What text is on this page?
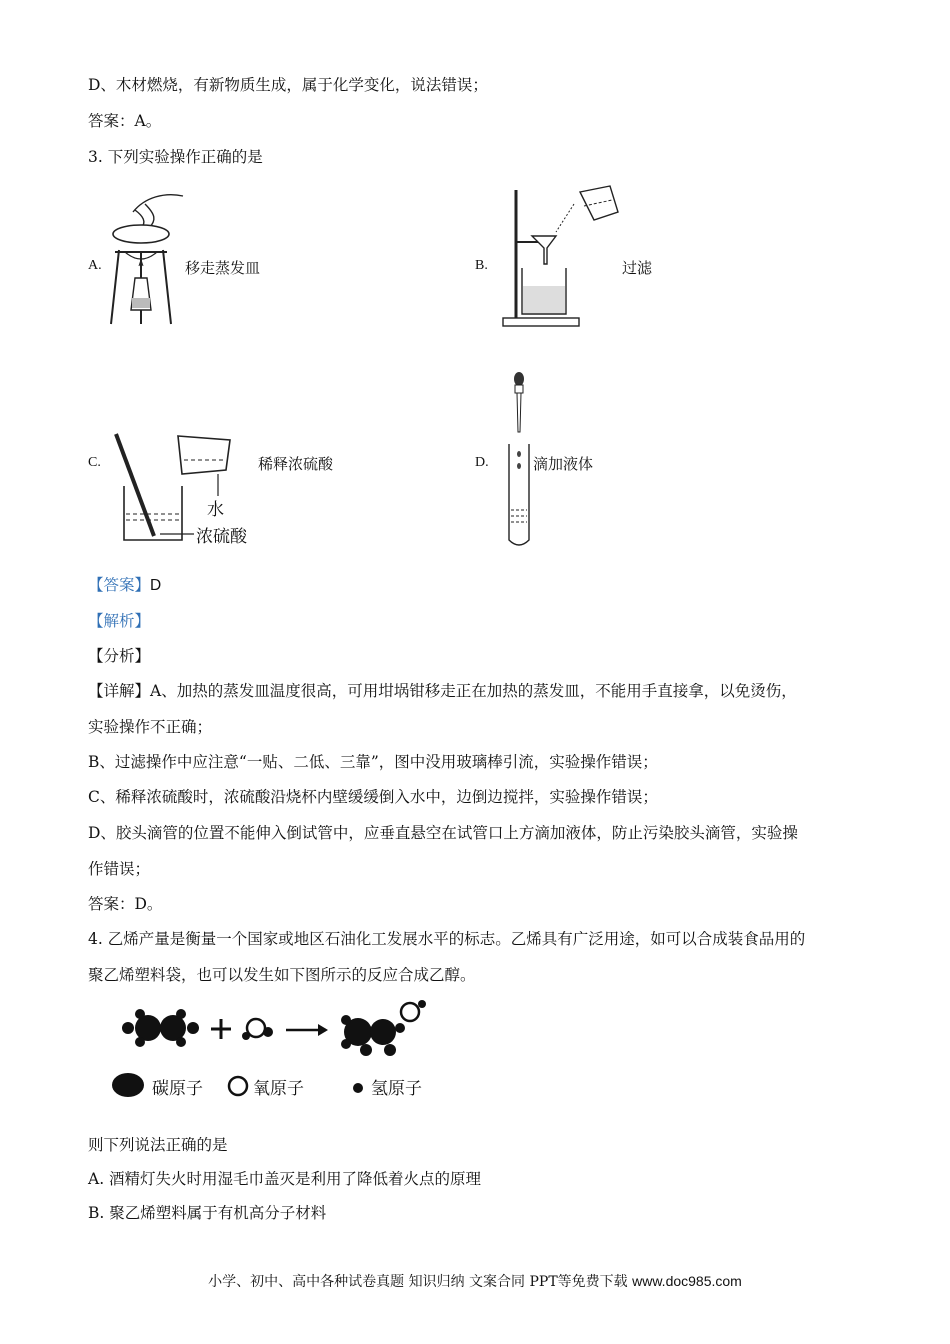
D、木材燃烧，有新物质生成，属于化学变化，说法错误；
答案：A。
3. 下列实验操作正确的是
A.	移走蒸发皿	B.	过滤
C.
水
浓硫酸
稀释浓硫酸	D.	滴加液体
【答案】D
【解析】
【分析】
【详解】A、加热的蒸发皿温度很高，可用坩埚钳移走正在加热的蒸发皿，不能用手直接拿，以免烫伤，
实验操作不正确；
B、过滤操作中应注意“一贴、二低、三靠”，图中没用玻璃棒引流，实验操作错误；
C、稀释浓硫酸时，浓硫酸沿烧杯内壁缓缓倒入水中，边倒边搅拌，实验操作错误；
D、胶头滴管的位置不能伸入倒试管中，应垂直悬空在试管口上方滴加液体，防止污染胶头滴管，实验操
作错误；
答案：D。
4. 乙烯产量是衡量一个国家或地区石油化工发展水平的标志。乙烯具有广泛用途，如可以合成装食品用的
聚乙烯塑料袋，也可以发生如下图所示的反应合成乙醇。
碳原子	氧原子	氢原子
则下列说法正确的是
A. 酒精灯失火时用湿毛巾盖灭是利用了降低着火点的原理
B. 聚乙烯塑料属于有机高分子材料
小学、初中、高中各种试卷真题 知识归纳 文案合同 PPT等免费下载 www.doc985.com
